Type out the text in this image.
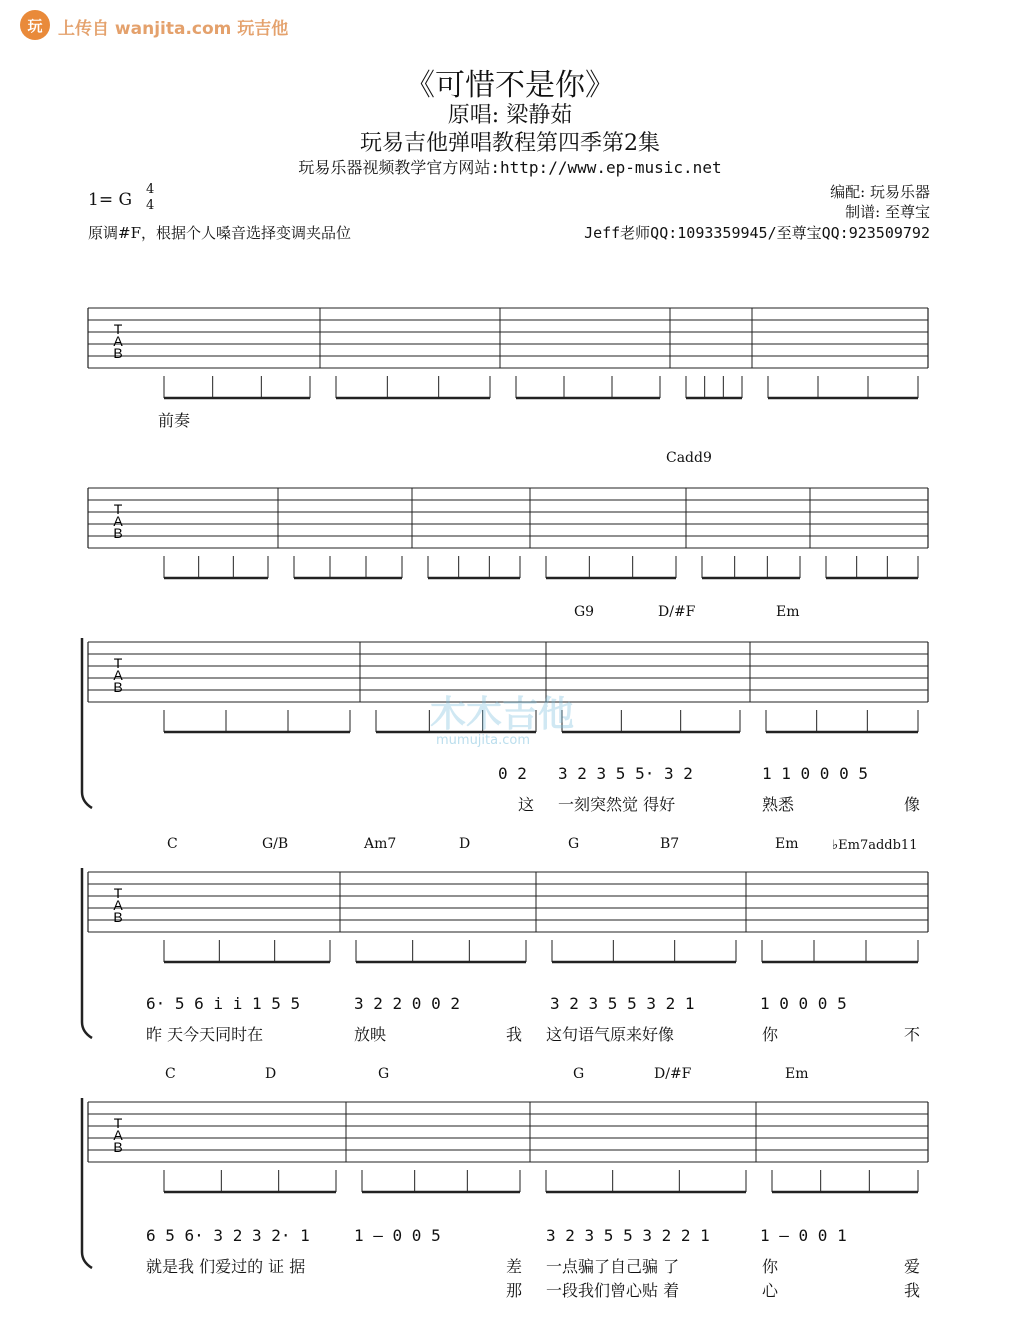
玩 上传自 wanjita.com 玩吉他
《可惜不是你》
原唱: 梁静茹
玩易吉他弹唱教程第四季第2集
玩易乐器视频教学官方网站:http://www.ep-music.net
1= G
4
4
原调#F，根据个人嗓音选择变调夹品位
编配: 玩易乐器
制谱: 至尊宝
Jeff老师QQ:1093359945/至尊宝QQ:923509792
T
A
B
T
A
B
T
A
B
T
A
B
T
A
B
木木吉他
mumujita.com
前奏
Cadd9
G9	D/#F	Em
C	G/B	Am7	D	G	B7	Em	♭Em7addb11
C	D	G	G	D/#F	Em
0 2 3 2 3 5 5· 3 2	1 1 0 0 0 5
6· 5 6 i i 1 5 5	3 2 2 0 0 2	3 2 3 5 5 3 2 1	1 0 0 0 5
6 5 6· 3 2 3 2· 1	1 — 0 0 5	3 2 3 5 5 3 2 2 1	1 — 0 0 1
这 一刻突然觉 得好	熟悉	像
昨 天今天同时在	放映	我 这句语气原来好像	你	不
就是我 们爱过的 证 据	差 一点骗了自己骗 了	你	爱
那 一段我们曾心贴 着	心	我
